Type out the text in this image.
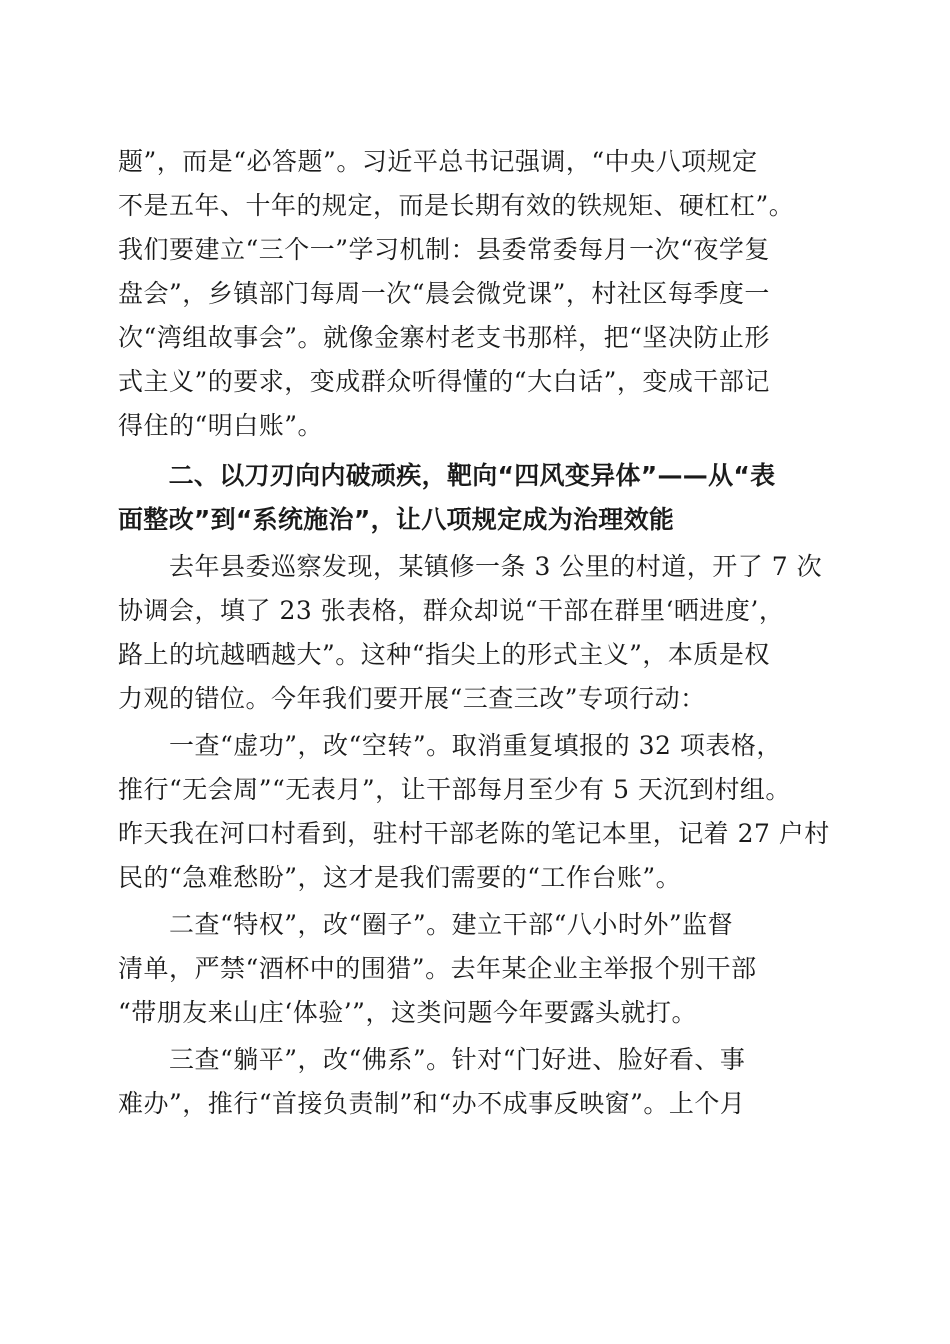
题”，而是“必答题”。习近平总书记强调，“中央八项规定
不是五年、十年的规定，而是长期有效的铁规矩、硬杠杠”。
我们要建立“三个一”学习机制：县委常委每月一次“夜学复
盘会”，乡镇部门每周一次“晨会微党课”，村社区每季度一
次“湾组故事会”。就像金寨村老支书那样，把“坚决防止形
式主义”的要求，变成群众听得懂的“大白话”，变成干部记
得住的“明白账”。
　　二、以刀刃向内破顽疾，靶向“四风变异体”——从“表
面整改”到“系统施治”，让八项规定成为治理效能
　　去年县委巡察发现，某镇修一条 3 公里的村道，开了 7 次
协调会，填了 23 张表格，群众却说“干部在群里‘晒进度’，
路上的坑越晒越大”。这种“指尖上的形式主义”，本质是权
力观的错位。今年我们要开展“三查三改”专项行动：
　　一查“虚功”，改“空转”。取消重复填报的 32 项表格，
推行“无会周”“无表月”，让干部每月至少有 5 天沉到村组。
昨天我在河口村看到，驻村干部老陈的笔记本里，记着 27 户村
民的“急难愁盼”，这才是我们需要的“工作台账”。
　　二查“特权”，改“圈子”。建立干部“八小时外”监督
清单，严禁“酒杯中的围猎”。去年某企业主举报个别干部
“带朋友来山庄‘体验’”，这类问题今年要露头就打。
　　三查“躺平”，改“佛系”。针对“门好进、脸好看、事
难办”，推行“首接负责制”和“办不成事反映窗”。上个月
